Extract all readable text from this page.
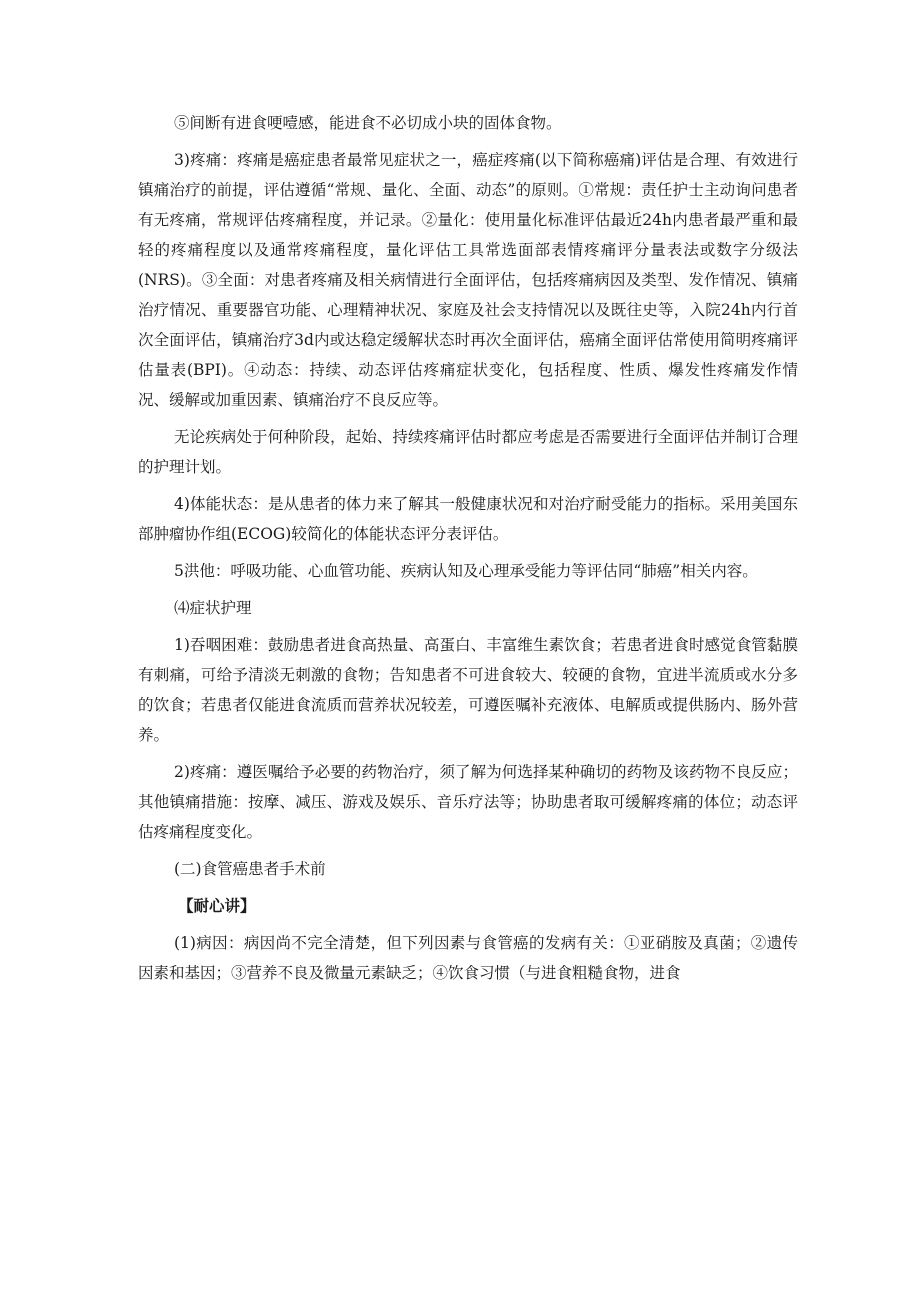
⑤间断有进食哽噎感，能进食不必切成小块的固体食物。

3)疼痛：疼痛是癌症患者最常见症状之一，癌症疼痛(以下简称癌痛)评估是合理、有效进行镇痛治疗的前提，评估遵循“常规、量化、全面、动态”的原则。①常规：责任护士主动询问患者有无疼痛，常规评估疼痛程度，并记录。②量化：使用量化标准评估最近24h内患者最严重和最轻的疼痛程度以及通常疼痛程度，量化评估工具常选面部表情疼痛评分量表法或数字分级法(NRS)。③全面：对患者疼痛及相关病情进行全面评估，包括疼痛病因及类型、发作情况、镇痛治疗情况、重要器官功能、心理精神状况、家庭及社会支持情况以及既往史等，入院24h内行首次全面评估，镇痛治疗3d内或达稳定缓解状态时再次全面评估，癌痛全面评估常使用简明疼痛评估量表(BPI)。④动态：持续、动态评估疼痛症状变化，包括程度、性质、爆发性疼痛发作情况、缓解或加重因素、镇痛治疗不良反应等。

无论疾病处于何种阶段，起始、持续疼痛评估时都应考虑是否需要进行全面评估并制订合理的护理计划。

4)体能状态：是从患者的体力来了解其一般健康状况和对治疗耐受能力的指标。采用美国东部肿瘤协作组(ECOG)较简化的体能状态评分表评估。

5洪他：呼吸功能、心血管功能、疾病认知及心理承受能力等评估同“肺癌”相关内容。

⑷症状护理

1)吞咽困难：鼓励患者进食高热量、高蛋白、丰富维生素饮食；若患者进食时感觉食管黏膜有刺痛，可给予清淡无刺激的食物；告知患者不可进食较大、较硬的食物，宜进半流质或水分多的饮食；若患者仅能进食流质而营养状况较差，可遵医嘱补充液体、电解质或提供肠内、肠外营养。

2)疼痛：遵医嘱给予必要的药物治疗，须了解为何选择某种确切的药物及该药物不良反应；其他镇痛措施：按摩、减压、游戏及娱乐、音乐疗法等；协助患者取可缓解疼痛的体位；动态评估疼痛程度变化。

(二)食管癌患者手术前

【耐心讲】

(1)病因：病因尚不完全清楚，但下列因素与食管癌的发病有关：①亚硝胺及真菌；②遗传因素和基因；③营养不良及微量元素缺乏；④饮食习惯（与进食粗糙食物，进食
